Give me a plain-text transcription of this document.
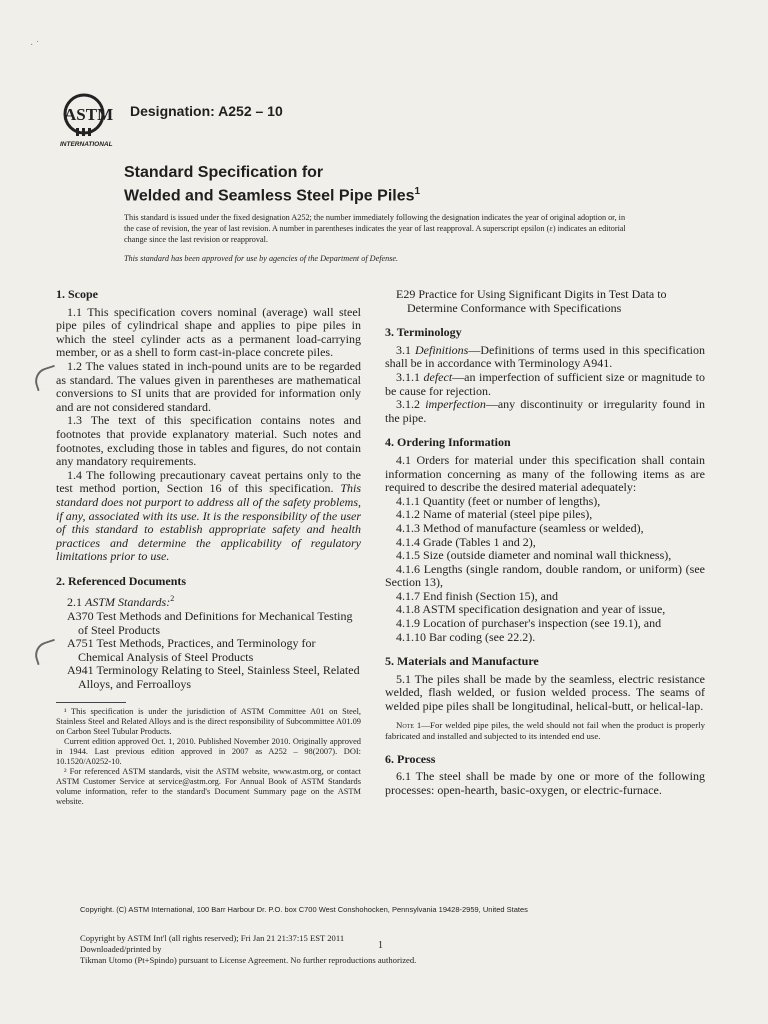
· ˙
ASTM
INTERNATIONAL
Designation: A252 – 10
Standard Specification for
Welded and Seamless Steel Pipe Piles$^1$
This standard is issued under the fixed designation A252; the number immediately following the designation indicates the year of original adoption or, in the case of revision, the year of last revision. A number in parentheses indicates the year of last reapproval. A superscript epsilon (ε) indicates an editorial change since the last revision or reapproval.
This standard has been approved for use by agencies of the Department of Defense.
1. Scope

1.1 This specification covers nominal (average) wall steel pipe piles of cylindrical shape and applies to pipe piles in which the steel cylinder acts as a permanent load-carrying member, or as a shell to form cast-in-place concrete piles.

1.2 The values stated in inch-pound units are to be regarded as standard. The values given in parentheses are mathematical conversions to SI units that are provided for information only and are not considered standard.

1.3 The text of this specification contains notes and footnotes that provide explanatory material. Such notes and footnotes, excluding those in tables and figures, do not contain any mandatory requirements.

1.4 The following precautionary caveat pertains only to the test method portion, Section 16 of this specification. This standard does not purport to address all of the safety problems, if any, associated with its use. It is the responsibility of the user of this standard to establish appropriate safety and health practices and determine the applicability of regulatory limitations prior to use.

2. Referenced Documents

2.1 ASTM Standards:$^2$

A370 Test Methods and Definitions for Mechanical Testing of Steel Products

A751 Test Methods, Practices, and Terminology for Chemical Analysis of Steel Products

A941 Terminology Relating to Steel, Stainless Steel, Related Alloys, and Ferroalloys

¹ This specification is under the jurisdiction of ASTM Committee A01 on Steel, Stainless Steel and Related Alloys and is the direct responsibility of Subcommittee A01.09 on Carbon Steel Tubular Products.

Current edition approved Oct. 1, 2010. Published November 2010. Originally approved in 1944. Last previous edition approved in 2007 as A252 – 98(2007). DOI: 10.1520/A0252-10.

² For referenced ASTM standards, visit the ASTM website, www.astm.org, or contact ASTM Customer Service at service@astm.org. For Annual Book of ASTM Standards volume information, refer to the standard's Document Summary page on the ASTM website.

E29 Practice for Using Significant Digits in Test Data to Determine Conformance with Specifications

3. Terminology

3.1 Definitions—Definitions of terms used in this specification shall be in accordance with Terminology A941.

3.1.1 defect—an imperfection of sufficient size or magnitude to be cause for rejection.

3.1.2 imperfection—any discontinuity or irregularity found in the pipe.

4. Ordering Information

4.1 Orders for material under this specification shall contain information concerning as many of the following items as are required to describe the desired material adequately:

4.1.1 Quantity (feet or number of lengths),

4.1.2 Name of material (steel pipe piles),

4.1.3 Method of manufacture (seamless or welded),

4.1.4 Grade (Tables 1 and 2),

4.1.5 Size (outside diameter and nominal wall thickness),

4.1.6 Lengths (single random, double random, or uniform) (see Section 13),

4.1.7 End finish (Section 15), and

4.1.8 ASTM specification designation and year of issue,

4.1.9 Location of purchaser's inspection (see 19.1), and

4.1.10 Bar coding (see 22.2).

5. Materials and Manufacture

5.1 The piles shall be made by the seamless, electric resistance welded, flash welded, or fusion welded process. The seams of welded pipe piles shall be longitudinal, helical-butt, or helical-lap.

Note 1—For welded pipe piles, the weld should not fail when the product is properly fabricated and installed and subjected to its intended end use.

6. Process

6.1 The steel shall be made by one or more of the following processes: open-hearth, basic-oxygen, or electric-furnace.

Copyright. (C) ASTM International, 100 Barr Harbour Dr. P.O. box C700 West Conshohocken, Pennsylvania 19428-2959, United States
Copyright by ASTM Int'l (all rights reserved); Fri Jan 21 21:37:15 EST 2011
Downloaded/printed by
Tikman Utomo (Pt+Spindo) pursuant to License Agreement. No further reproductions authorized.
1
